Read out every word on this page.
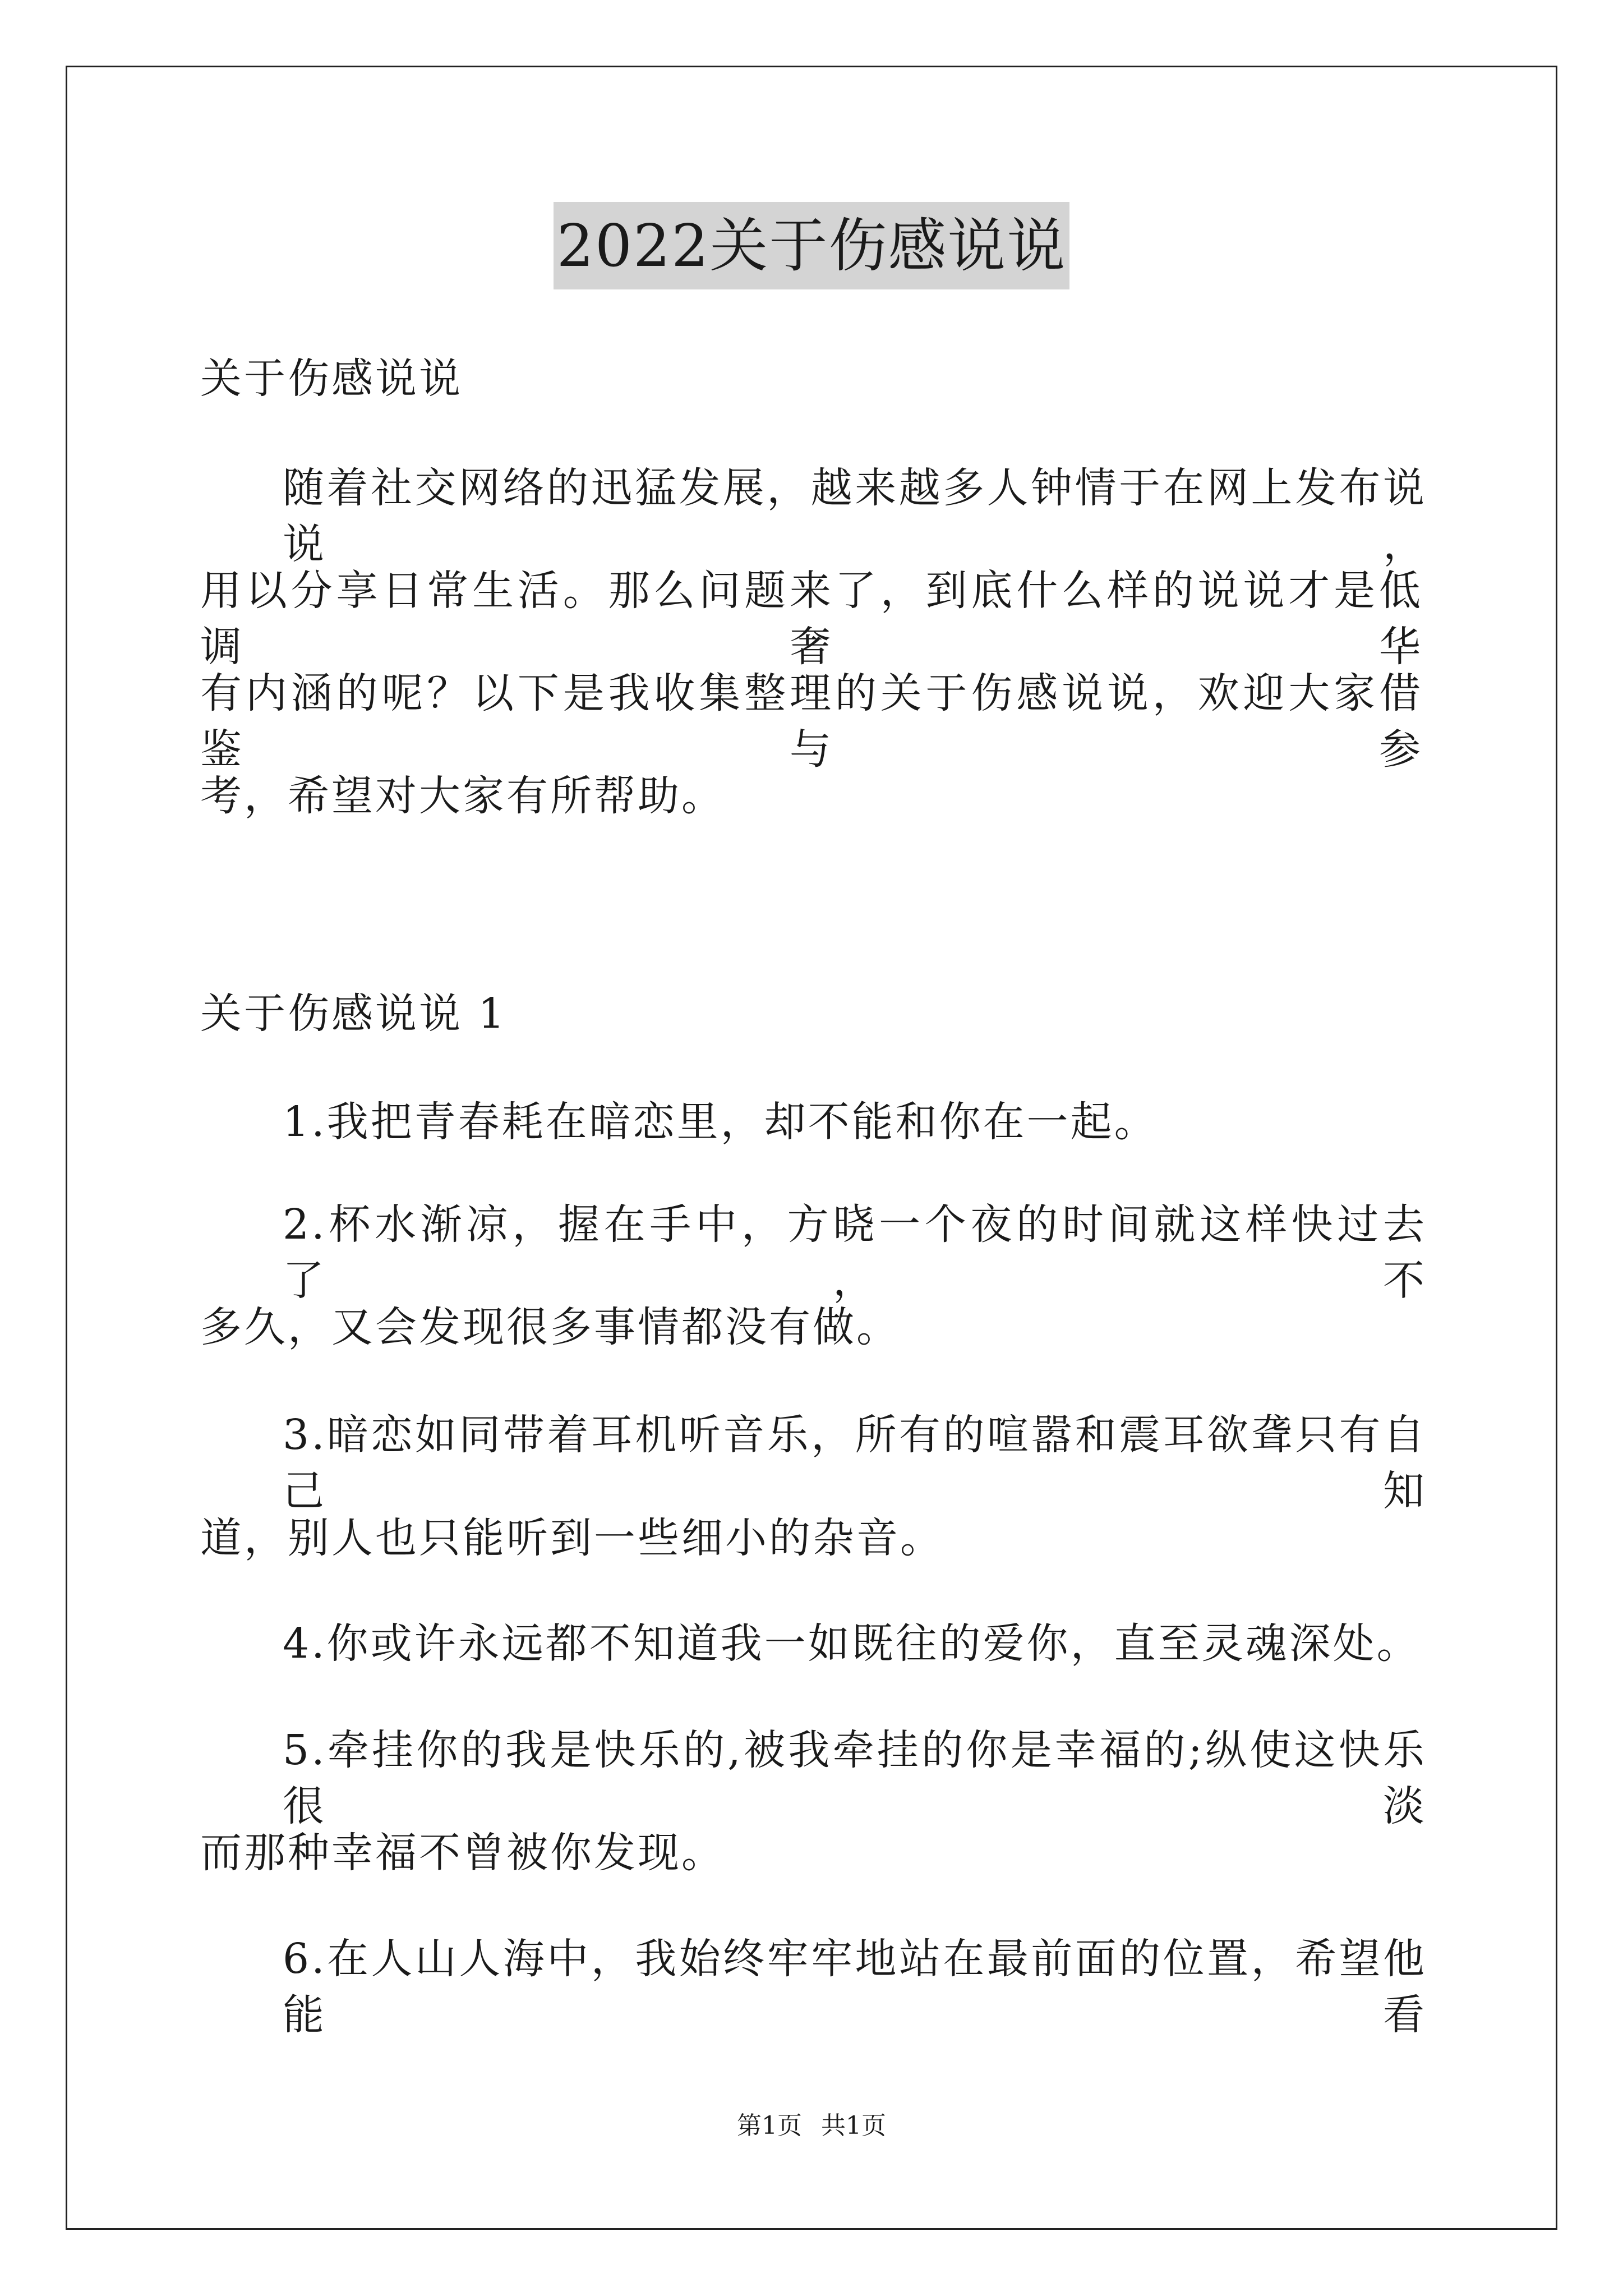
2022关于伤感说说
关于伤感说说
随着社交网络的迅猛发展，越来越多人钟情于在网上发布说说，
用以分享日常生活。那么问题来了，到底什么样的说说才是低调奢华
有内涵的呢？以下是我收集整理的关于伤感说说，欢迎大家借鉴与参
考，希望对大家有所帮助。
关于伤感说说 1
1.我把青春耗在暗恋里，却不能和你在一起。
2.杯水渐凉，握在手中，方晓一个夜的时间就这样快过去了，不
多久，又会发现很多事情都没有做。
3.暗恋如同带着耳机听音乐，所有的喧嚣和震耳欲聋只有自己知
道，别人也只能听到一些细小的杂音。
4.你或许永远都不知道我一如既往的爱你，直至灵魂深处。
5.牵挂你的我是快乐的,被我牵挂的你是幸福的;纵使这快乐很淡
而那种幸福不曾被你发现。
6.在人山人海中，我始终牢牢地站在最前面的位置，希望他能看
第1页 共1页
